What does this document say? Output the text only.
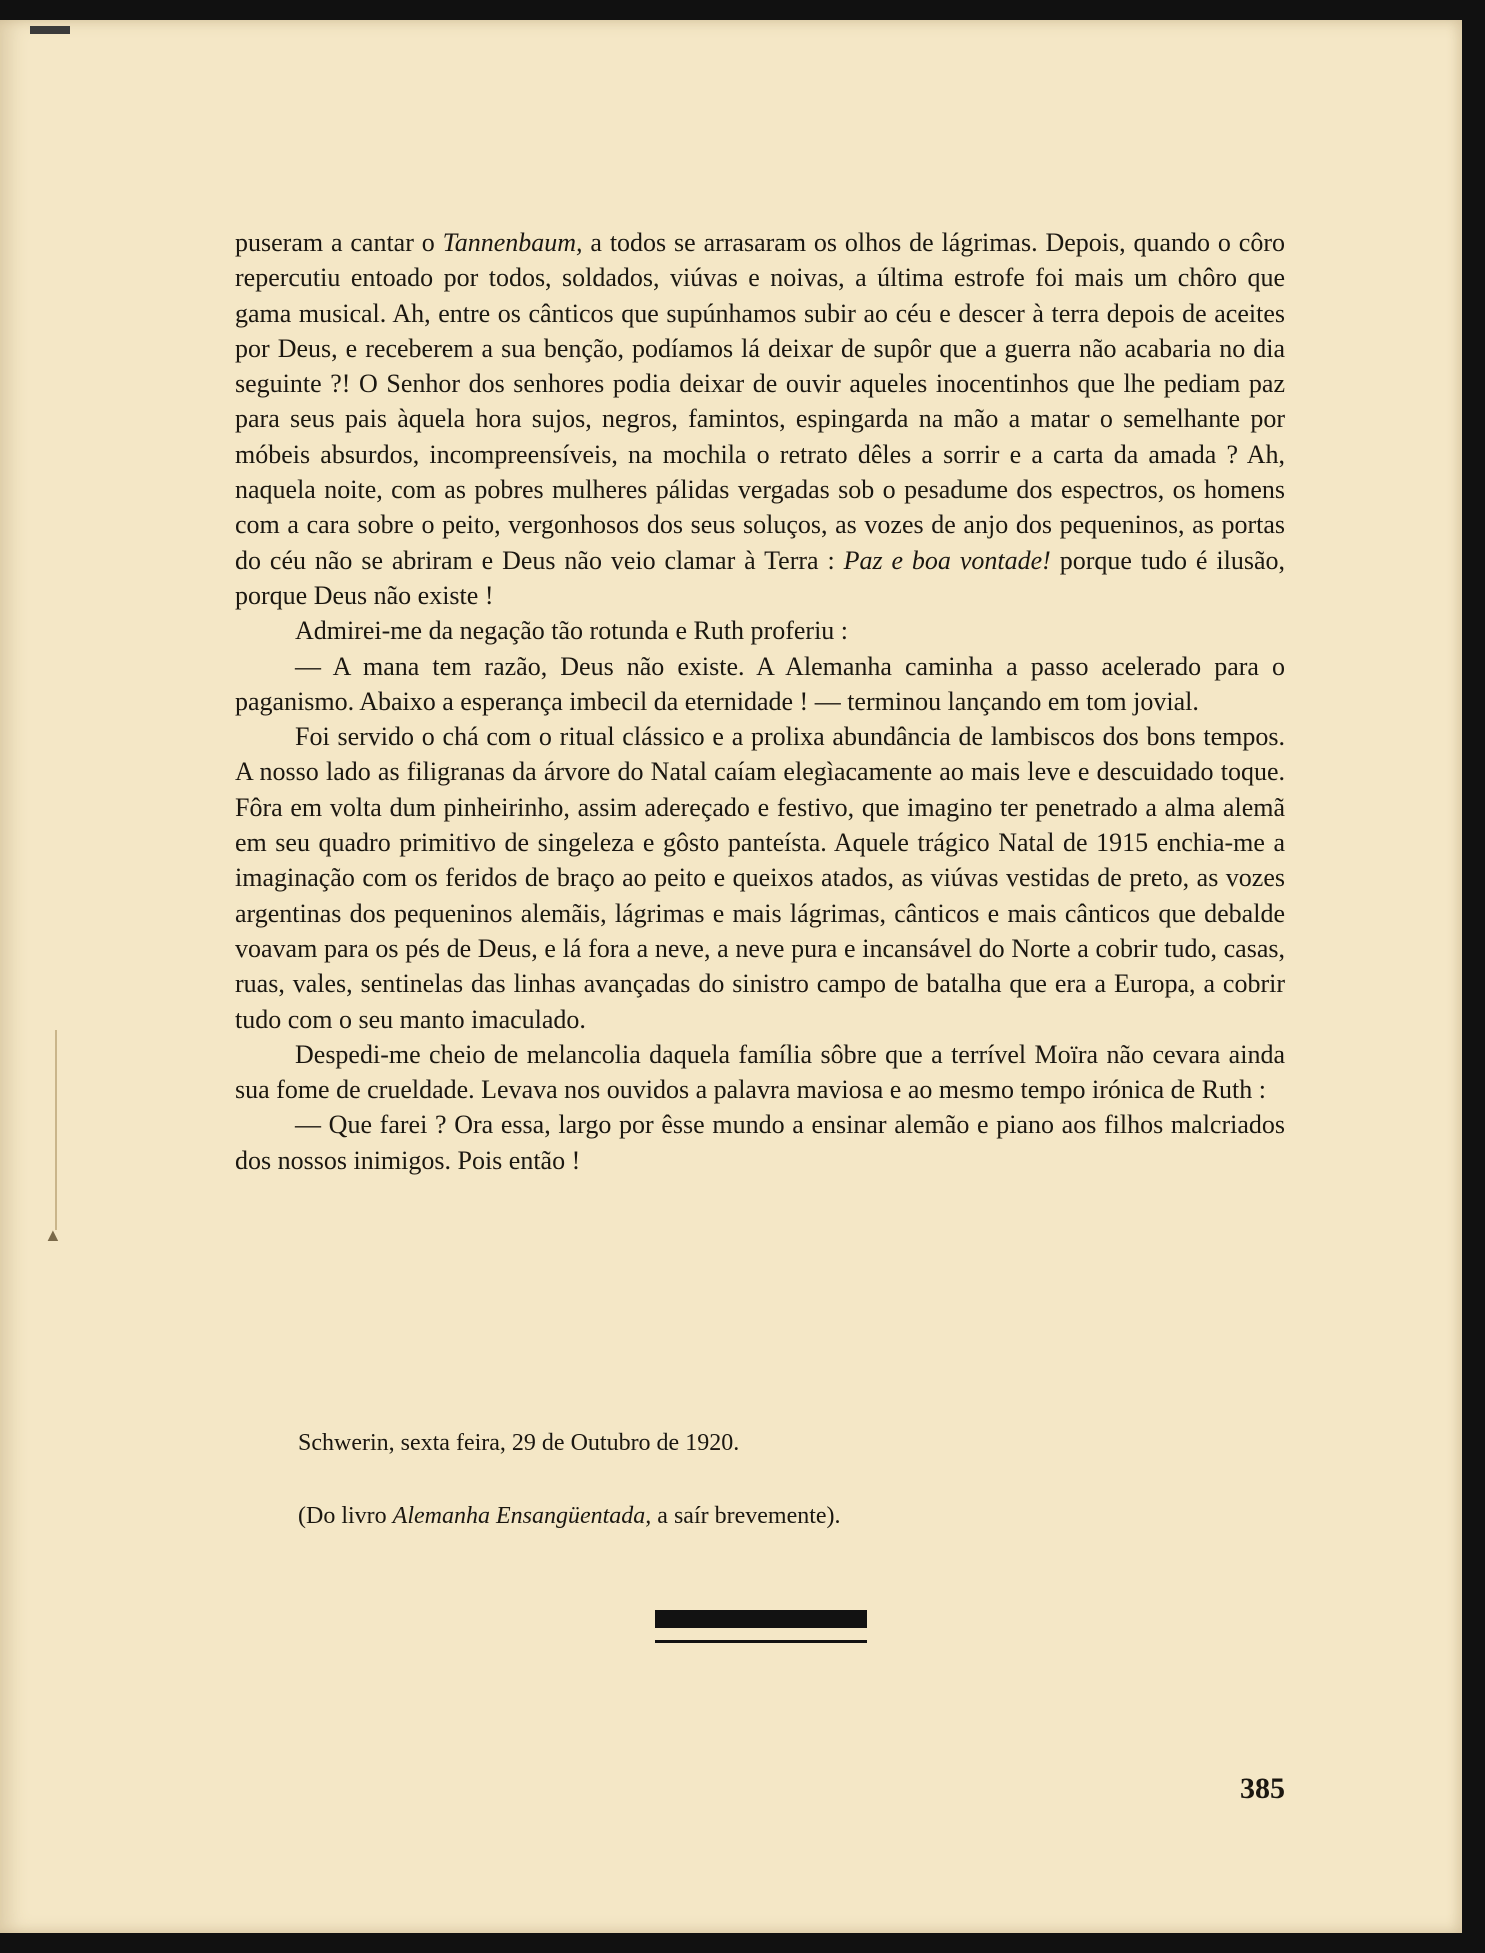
▲

puseram a cantar o Tannenbaum, a todos se arrasaram os olhos de lágrimas. Depois, quando o côro repercutiu entoado por todos, soldados, viúvas e noivas, a última estrofe foi mais um chôro que gama musical. Ah, entre os cânticos que supúnhamos subir ao céu e descer à terra depois de aceites por Deus, e receberem a sua benção, podíamos lá deixar de supôr que a guerra não acabaria no dia seguinte ?! O Senhor dos senhores podia deixar de ouvir aqueles inocentinhos que lhe pediam paz para seus pais àquela hora sujos, negros, famintos, espingarda na mão a matar o semelhante por móbeis absurdos, incompreensíveis, na mochila o retrato dêles a sorrir e a carta da amada ? Ah, naquela noite, com as pobres mulheres pálidas vergadas sob o pesadume dos espectros, os homens com a cara sobre o peito, vergonhosos dos seus soluços, as vozes de anjo dos pequeninos, as portas do céu não se abriram e Deus não veio clamar à Terra : Paz e boa vontade! porque tudo é ilusão, porque Deus não existe !

Admirei-me da negação tão rotunda e Ruth proferiu :

— A mana tem razão, Deus não existe. A Alemanha caminha a passo acelerado para o paganismo. Abaixo a esperança imbecil da eternidade ! — terminou lançando em tom jovial.

Foi servido o chá com o ritual clássico e a prolixa abundância de lambiscos dos bons tempos. A nosso lado as filigranas da árvore do Natal caíam elegìacamente ao mais leve e descuidado toque. Fôra em volta dum pinheirinho, assim adereçado e festivo, que imagino ter penetrado a alma alemã em seu quadro primitivo de singeleza e gôsto panteísta. Aquele trágico Natal de 1915 enchia-me a imaginação com os feridos de braço ao peito e queixos atados, as viúvas vestidas de preto, as vozes argentinas dos pequeninos alemãis, lágrimas e mais lágrimas, cânticos e mais cânticos que debalde voavam para os pés de Deus, e lá fora a neve, a neve pura e incansável do Norte a cobrir tudo, casas, ruas, vales, sentinelas das linhas avançadas do sinistro campo de batalha que era a Europa, a cobrir tudo com o seu manto imaculado.

Despedi-me cheio de melancolia daquela família sôbre que a terrível Moïra não cevara ainda sua fome de crueldade. Levava nos ouvidos a palavra maviosa e ao mesmo tempo irónica de Ruth :

— Que farei ? Ora essa, largo por êsse mundo a ensinar alemão e piano aos filhos malcriados dos nossos inimigos. Pois então !

Schwerin, sexta feira, 29 de Outubro de 1920.
(Do livro Alemanha Ensangüentada, a saír brevemente).
385
